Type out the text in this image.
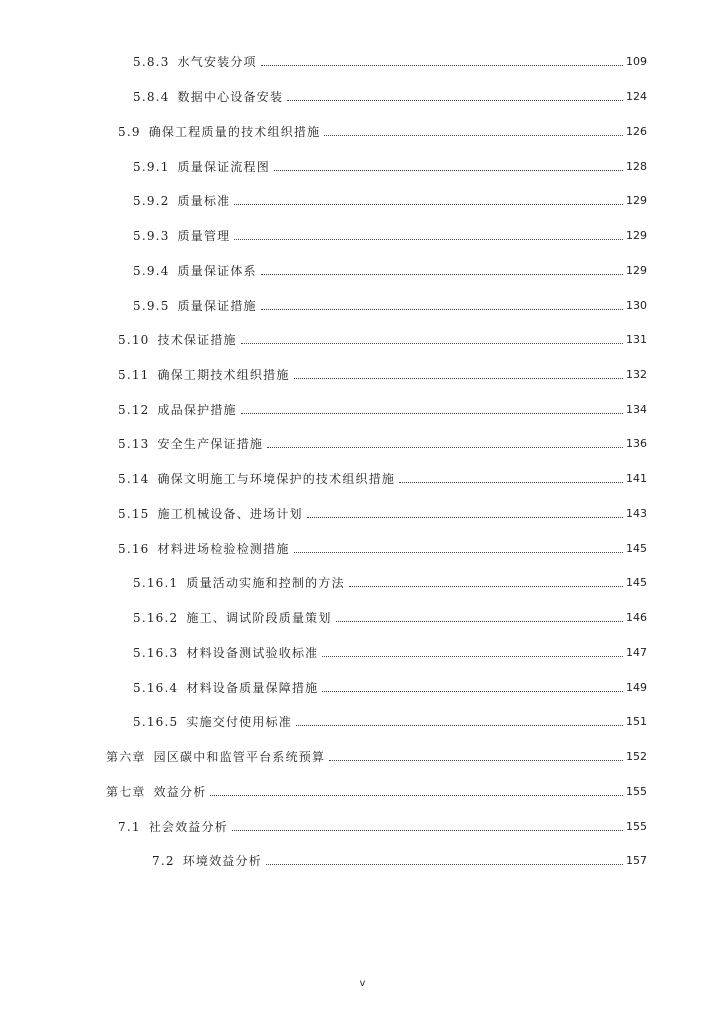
5.8.3 水气安装分项	109
5.8.4 数据中心设备安装	124
5.9 确保工程质量的技术组织措施	126
5.9.1 质量保证流程图	128
5.9.2 质量标准	129
5.9.3 质量管理	129
5.9.4 质量保证体系	129
5.9.5 质量保证措施	130
5.10 技术保证措施	131
5.11 确保工期技术组织措施	132
5.12 成品保护措施	134
5.13 安全生产保证措施	136
5.14 确保文明施工与环境保护的技术组织措施	141
5.15 施工机械设备、进场计划	143
5.16 材料进场检验检测措施	145
5.16.1 质量活动实施和控制的方法	145
5.16.2 施工、调试阶段质量策划	146
5.16.3 材料设备测试验收标准	147
5.16.4 材料设备质量保障措施	149
5.16.5 实施交付使用标准	151
第六章 园区碳中和监管平台系统预算	152
第七章 效益分析	155
7.1 社会效益分析	155
7.2 环境效益分析	157
v
